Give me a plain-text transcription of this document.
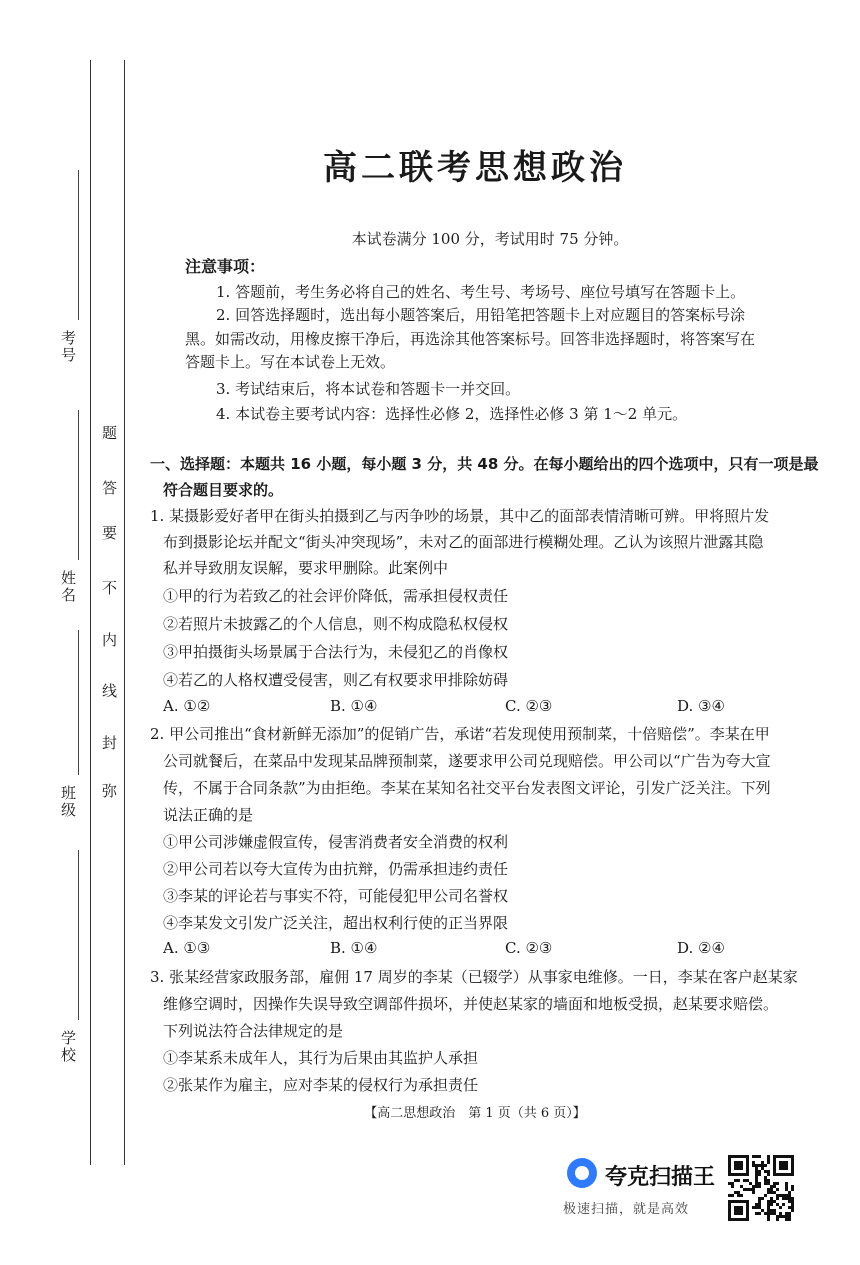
考号
姓名
班级
学校
题
答
要
不
内
线
封
弥
高二联考思想政治
本试卷满分 100 分，考试用时 75 分钟。
注意事项：
1. 答题前，考生务必将自己的姓名、考生号、考场号、座位号填写在答题卡上。
2. 回答选择题时，选出每小题答案后，用铅笔把答题卡上对应题目的答案标号涂
黑。如需改动，用橡皮擦干净后，再选涂其他答案标号。回答非选择题时，将答案写在
答题卡上。写在本试卷上无效。
3. 考试结束后，将本试卷和答题卡一并交回。
4. 本试卷主要考试内容：选择性必修 2，选择性必修 3 第 1～2 单元。
一、选择题：本题共 16 小题，每小题 3 分，共 48 分。在每小题给出的四个选项中，只有一项是最
符合题目要求的。
1. 某摄影爱好者甲在街头拍摄到乙与丙争吵的场景，其中乙的面部表情清晰可辨。甲将照片发
布到摄影论坛并配文“街头冲突现场”，未对乙的面部进行模糊处理。乙认为该照片泄露其隐
私并导致朋友误解，要求甲删除。此案例中
①甲的行为若致乙的社会评价降低，需承担侵权责任
②若照片未披露乙的个人信息，则不构成隐私权侵权
③甲拍摄街头场景属于合法行为，未侵犯乙的肖像权
④若乙的人格权遭受侵害，则乙有权要求甲排除妨碍
A. ①②	B. ①④	C. ②③	D. ③④
2. 甲公司推出“食材新鲜无添加”的促销广告，承诺“若发现使用预制菜，十倍赔偿”。李某在甲
公司就餐后，在菜品中发现某品牌预制菜，遂要求甲公司兑现赔偿。甲公司以“广告为夸大宣
传，不属于合同条款”为由拒绝。李某在某知名社交平台发表图文评论，引发广泛关注。下列
说法正确的是
①甲公司涉嫌虚假宣传，侵害消费者安全消费的权利
②甲公司若以夸大宣传为由抗辩，仍需承担违约责任
③李某的评论若与事实不符，可能侵犯甲公司名誉权
④李某发文引发广泛关注，超出权利行使的正当界限
A. ①③	B. ①④	C. ②③	D. ②④
3. 张某经营家政服务部，雇佣 17 周岁的李某（已辍学）从事家电维修。一日，李某在客户赵某家
维修空调时，因操作失误导致空调部件损坏，并使赵某家的墙面和地板受损，赵某要求赔偿。
下列说法符合法律规定的是
①李某系未成年人，其行为后果由其监护人承担
②张某作为雇主，应对李某的侵权行为承担责任
【高二思想政治　第 1 页（共 6 页）】
夸克扫描王
极速扫描，就是高效
